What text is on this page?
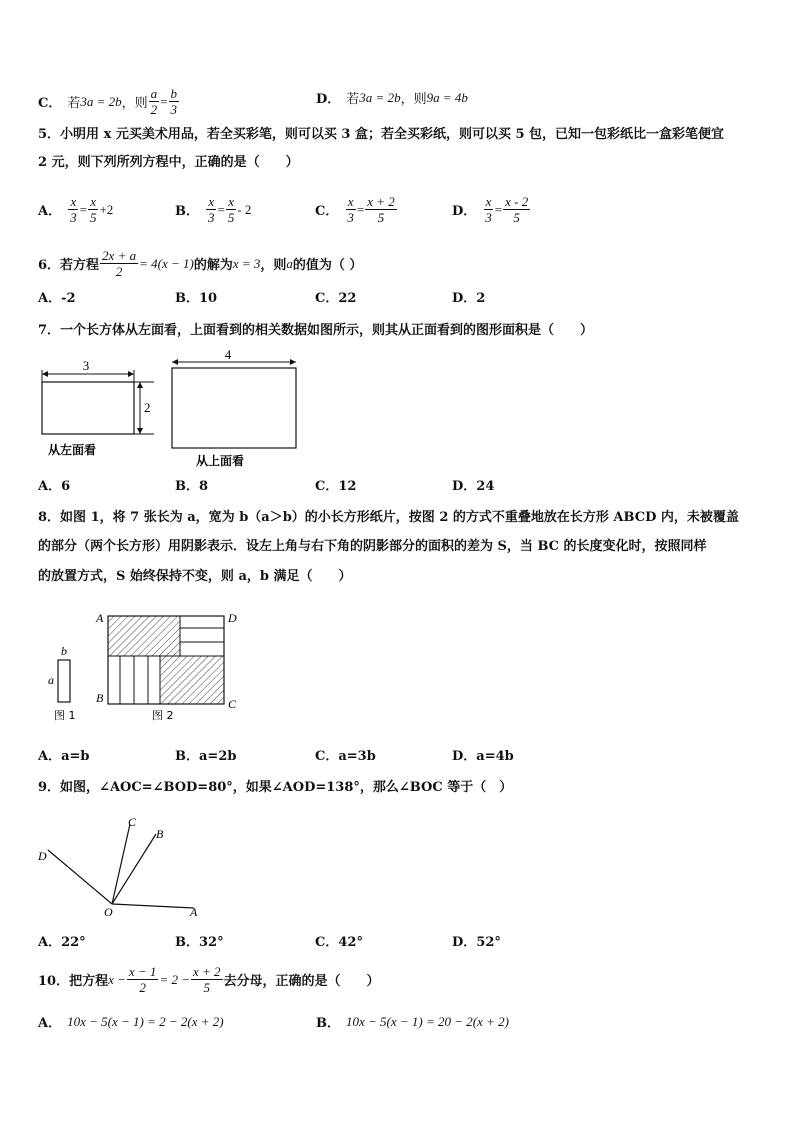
C． 若 3a = 2b ，则 $\frac{a}{2} = \frac{b}{3}$	D． 若 3a = 2b ，则 9a = 4b
5．小明用 x 元买美术用品，若全买彩笔，则可以买 3 盒；若全买彩纸，则可以买 5 包，已知一包彩纸比一盒彩笔便宜
2 元，则下列所列方程中，正确的是（　　）
A． $\frac{x}{3} = \frac{x}{5} +2$	B． $\frac{x}{3} = \frac{x}{5} - 2$	C． $\frac{x}{3} = \frac{x + 2}{5}$	D． $\frac{x}{3} = \frac{x - 2}{5}$
6．若方程 $\frac{2x + a}{2} = 4(x - 1)$ 的解为 x = 3 ，则 a 的值为（ ）
A．-2	B．10	C．22	D．2
7．一个长方体从左面看，上面看到的相关数据如图所示，则其从正面看到的图形面积是（　　）
3
2
从左面看
4
从上面看
A．6	B．8	C．12	D．24
8．如图 1，将 7 张长为 a，宽为 b（a＞b）的小长方形纸片，按图 2 的方式不重叠地放在长方形 ABCD 内，未被覆盖
的部分（两个长方形）用阴影表示．设左上角与右下角的阴影部分的面积的差为 S，当 BC 的长度变化时，按照同样
的放置方式，S 始终保持不变，则 a，b 满足（　　）
b
a
图 1
A	D
B	C
图 2
A．a=b	B．a=2b	C．a=3b	D．a=4b
9．如图，∠AOC=∠BOD=80°，如果∠AOD=138°，那么∠BOC 等于（　）
C
B
D
O	A
A．22°	B．32°	C．42°	D．52°
10．把方程 $x - \frac{x - 1}{2} = 2 - \frac{x + 2}{5}$ 去分母，正确的是（　　）
A． 10x − 5(x − 1) = 2 − 2(x + 2)	B． 10x − 5(x − 1) = 20 − 2(x + 2)
